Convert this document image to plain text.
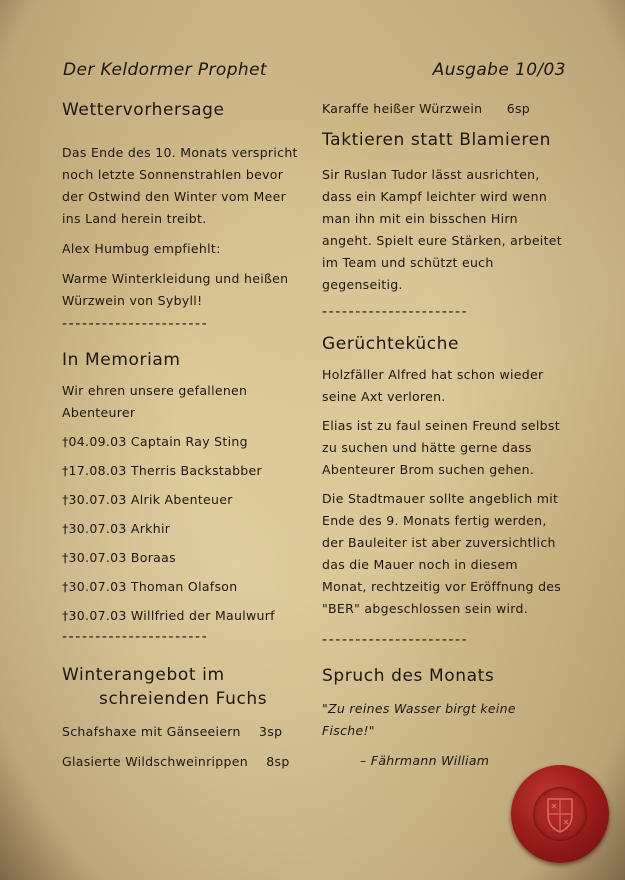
Der Keldormer Prophet	Ausgabe 10/03
Wettervorhersage

Das Ende des 10. Monats verspricht noch letzte Sonnenstrahlen bevor der Ostwind den Winter vom Meer ins Land herein treibt.

Alex Humbug empfiehlt:

Warme Winterkleidung und heißen Würzwein von Sybyll!

----------------------
In Memoriam

Wir ehren unsere gefallenen Abenteurer

†04.09.03 Captain Ray Sting
†17.08.03 Therris Backstabber
†30.07.03 Alrik Abenteuer
†30.07.03 Arkhir
†30.07.03 Boraas
†30.07.03 Thoman Olafson
†30.07.03 Willfried der Maulwurf
----------------------
Winterangebot im
schreienden Fuchs
Schafshaxe mit Gänseeiern 3sp
Glasierte Wildschweinrippen 8sp
Karaffe heißer Würzwein 6sp
Taktieren statt Blamieren

Sir Ruslan Tudor lässt ausrichten, dass ein Kampf leichter wird wenn man ihn mit ein bisschen Hirn angeht. Spielt eure Stärken, arbeitet im Team und schützt euch gegenseitig.

----------------------
Gerüchteküche

Holzfäller Alfred hat schon wieder seine Axt verloren.

Elias ist zu faul seinen Freund selbst zu suchen und hätte gerne dass Abenteurer Brom suchen gehen.

Die Stadtmauer sollte angeblich mit Ende des 9. Monats fertig werden, der Bauleiter ist aber zuversichtlich das die Mauer noch in diesem Monat, rechtzeitig vor Eröffnung des "BER" abgeschlossen sein wird.

----------------------
Spruch des Monats

"Zu reines Wasser birgt keine Fische!"

– Fährmann William
